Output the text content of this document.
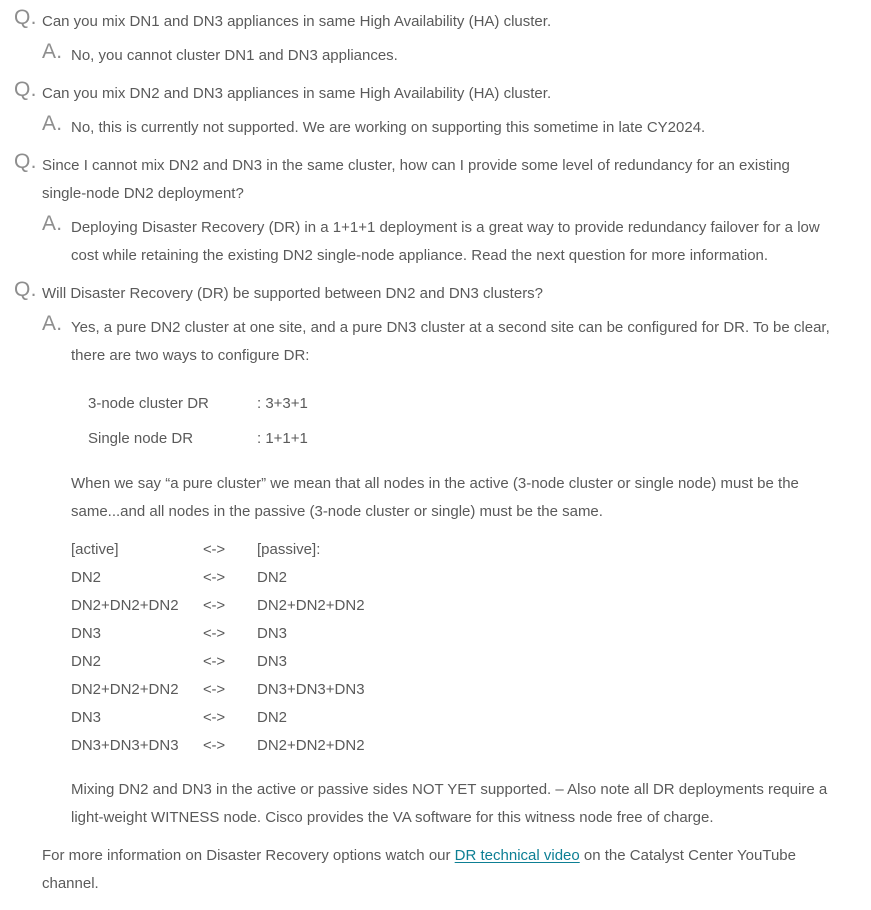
Q. Can you mix DN1 and DN3 appliances in same High Availability (HA) cluster.

A. No, you cannot cluster DN1 and DN3 appliances.

Q. Can you mix DN2 and DN3 appliances in same High Availability (HA) cluster.

A. No, this is currently not supported. We are working on supporting this sometime in late CY2024.

Q. Since I cannot mix DN2 and DN3 in the same cluster, how can I provide some level of redundancy for an existing single-node DN2 deployment?

A. Deploying Disaster Recovery (DR) in a 1+1+1 deployment is a great way to provide redundancy failover for a low cost while retaining the existing DN2 single-node appliance. Read the next question for more information.

Q. Will Disaster Recovery (DR) be supported between DN2 and DN3 clusters?

A. Yes, a pure DN2 cluster at one site, and a pure DN3 cluster at a second site can be configured for DR. To be clear, there are two ways to configure DR:

3-node cluster DR	: 3+3+1
Single node DR	: 1+1+1

When we say “a pure cluster” we mean that all nodes in the active (3-node cluster or single node) must be the same...and all nodes in the passive (3-node cluster or single) must be the same.

[active]	<-> [passive]:
DN2	<-> DN2
DN2+DN2+DN2 <-> DN2+DN2+DN2
DN3	<-> DN3
DN2	<-> DN3
DN2+DN2+DN2 <-> DN3+DN3+DN3
DN3	<-> DN2
DN3+DN3+DN3 <-> DN2+DN2+DN2

Mixing DN2 and DN3 in the active or passive sides NOT YET supported. – Also note all DR deployments require a light-weight WITNESS node. Cisco provides the VA software for this witness node free of charge.

For more information on Disaster Recovery options watch our DR technical video on the Catalyst Center YouTube channel.
